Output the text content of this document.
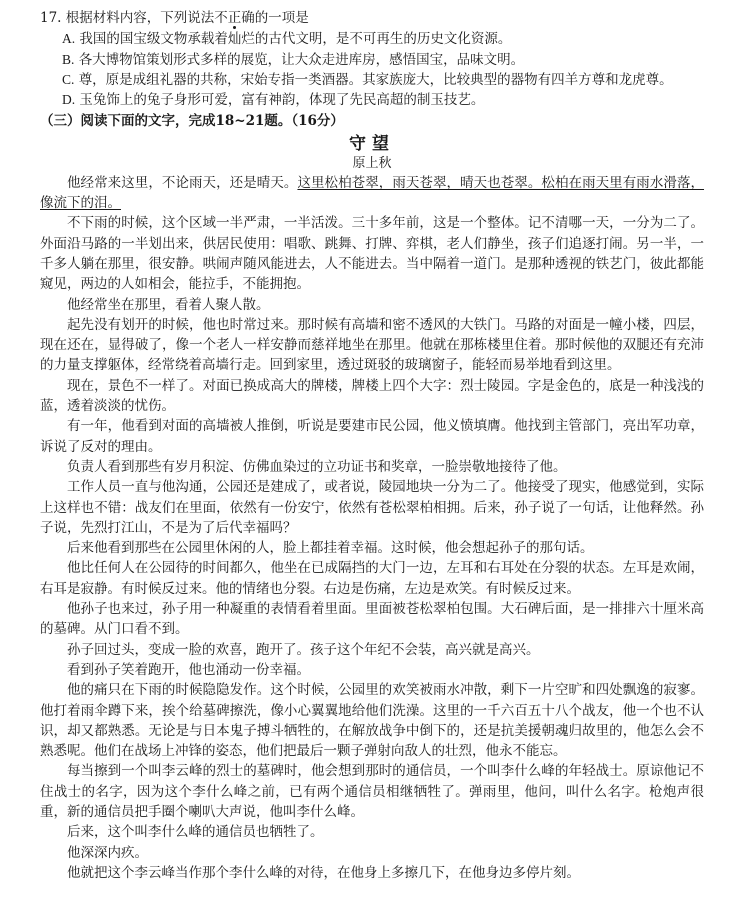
17. 根据材料内容，下列说法不正确的一项是
A. 我国的国宝级文物承载着灿烂的古代文明，是不可再生的历史文化资源。
B. 各大博物馆策划形式多样的展览，让大众走进库房，感悟国宝，品味文明。
C. 尊，原是成组礼器的共称，宋始专指一类酒器。其家族庞大，比较典型的器物有四羊方尊和龙虎尊。
D. 玉兔饰上的兔子身形可爱，富有神韵，体现了先民高超的制玉技艺。
（三）阅读下面的文字，完成18~21题。（16分）
守望
原上秋

他经常来这里，不论雨天，还是晴天。这里松柏苍翠，雨天苍翠，晴天也苍翠。松柏在雨天里有雨水滑落，像流下的泪。

不下雨的时候，这个区域一半严肃，一半活泼。三十多年前，这是一个整体。记不清哪一天，一分为二了。外面沿马路的一半划出来，供居民使用：唱歌、跳舞、打牌、弈棋，老人们静坐，孩子们追逐打闹。另一半，一千多人躺在那里，很安静。哄闹声随风能进去，人不能进去。当中隔着一道门。是那种透视的铁艺门，彼此都能窥见，两边的人如相会，能拉手，不能拥抱。

他经常坐在那里，看着人聚人散。

起先没有划开的时候，他也时常过来。那时候有高墙和密不透风的大铁门。马路的对面是一幢小楼，四层，现在还在，显得破了，像一个老人一样安静而慈祥地坐在那里。他就在那栋楼里住着。那时候他的双腿还有充沛的力量支撑躯体，经常绕着高墙行走。回到家里，透过斑驳的玻璃窗子，能轻而易举地看到这里。

现在，景色不一样了。对面已换成高大的牌楼，牌楼上四个大字：烈士陵园。字是金色的，底是一种浅浅的蓝，透着淡淡的忧伤。

有一年，他看到对面的高墙被人推倒，听说是要建市民公园，他义愤填膺。他找到主管部门，亮出军功章，诉说了反对的理由。

负责人看到那些有岁月积淀、仿佛血染过的立功证书和奖章，一脸崇敬地接待了他。

工作人员一直与他沟通，公园还是建成了，或者说，陵园地块一分为二了。他接受了现实，他感觉到，实际上这样也不错：战友们在里面，依然有一份安宁，依然有苍松翠柏相拥。后来，孙子说了一句话，让他释然。孙子说，先烈打江山，不是为了后代幸福吗？

后来他看到那些在公园里休闲的人，脸上都挂着幸福。这时候，他会想起孙子的那句话。

他比任何人在公园待的时间都久，他坐在已成隔挡的大门一边，左耳和右耳处在分裂的状态。左耳是欢闹，右耳是寂静。有时候反过来。他的情绪也分裂。右边是伤痛，左边是欢笑。有时候反过来。

他孙子也来过，孙子用一种凝重的表情看着里面。里面被苍松翠柏包围。大石碑后面，是一排排六十厘米高的墓碑。从门口看不到。

孙子回过头，变成一脸的欢喜，跑开了。孩子这个年纪不会装，高兴就是高兴。

看到孙子笑着跑开，他也涌动一份幸福。

他的痛只在下雨的时候隐隐发作。这个时候，公园里的欢笑被雨水冲散，剩下一片空旷和四处飘逸的寂寥。他打着雨伞蹲下来，挨个给墓碑擦洗，像小心翼翼地给他们洗澡。这里的一千六百五十八个战友，他一个也不认识，却又都熟悉。无论是与日本鬼子搏斗牺牲的，在解放战争中倒下的，还是抗美援朝魂归故里的，他怎么会不熟悉呢。他们在战场上冲锋的姿态，他们把最后一颗子弹射向敌人的壮烈，他永不能忘。

每当擦到一个叫李云峰的烈士的墓碑时，他会想到那时的通信员，一个叫李什么峰的年轻战士。原谅他记不住战士的名字，因为这个李什么峰之前，已有两个通信员相继牺牲了。弹雨里，他问，叫什么名字。枪炮声很重，新的通信员把手圈个喇叭大声说，他叫李什么峰。

后来，这个叫李什么峰的通信员也牺牲了。

他深深内疚。

他就把这个李云峰当作那个李什么峰的对待，在他身上多擦几下，在他身边多停片刻。
